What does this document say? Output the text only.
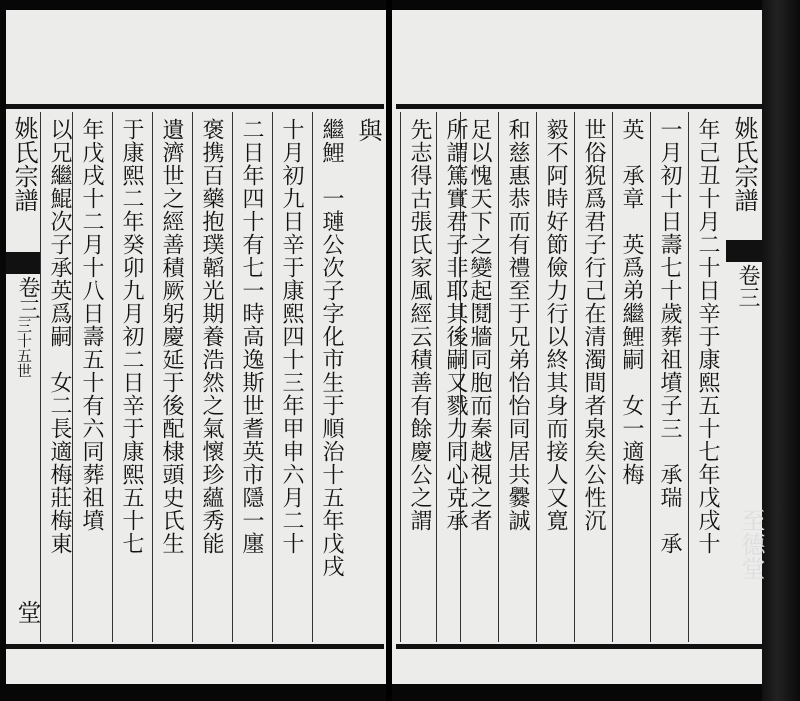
姚氏宗譜
卷三
三十五世
堂
繼鯉　一璉公次子字化市生于順治十五年戊戌
十月初九日辛于康熙四十三年甲申六月二十
二日年四十有七一時高逸斯世耆英市隱一廛
褒携百藥抱璞韜光期養浩然之氣懷珍蘊秀能
遺濟世之經善積厥躬慶延于後配棣頭史氏生
于康熙二年癸卯九月初二日辛于康熙五十七
年戊戌十二月十八日壽五十有六同葬祖墳
以兄繼鯤次子承英爲嗣　女二長適梅莊梅東	與	姚氏宗譜
卷三
至德堂
年己丑十月二十日辛于康熙五十七年戊戌十
一月初十日壽七十歲葬祖墳子三　承瑞　承
英　承章　英爲弟繼鯉嗣　女一適梅
世俗猊爲君子行己在清濁間者泉矣公性沉
毅不阿時好節儉力行以終其身而接人又寛
和慈惠恭而有禮至于兄弟怡怡同居共爨誠
足以愧天下之變起鬩牆同胞而秦越視之者
所謂篤實君子非耶其後嗣又戮力同心克承
先志得古張氏家風經云積善有餘慶公之謂
